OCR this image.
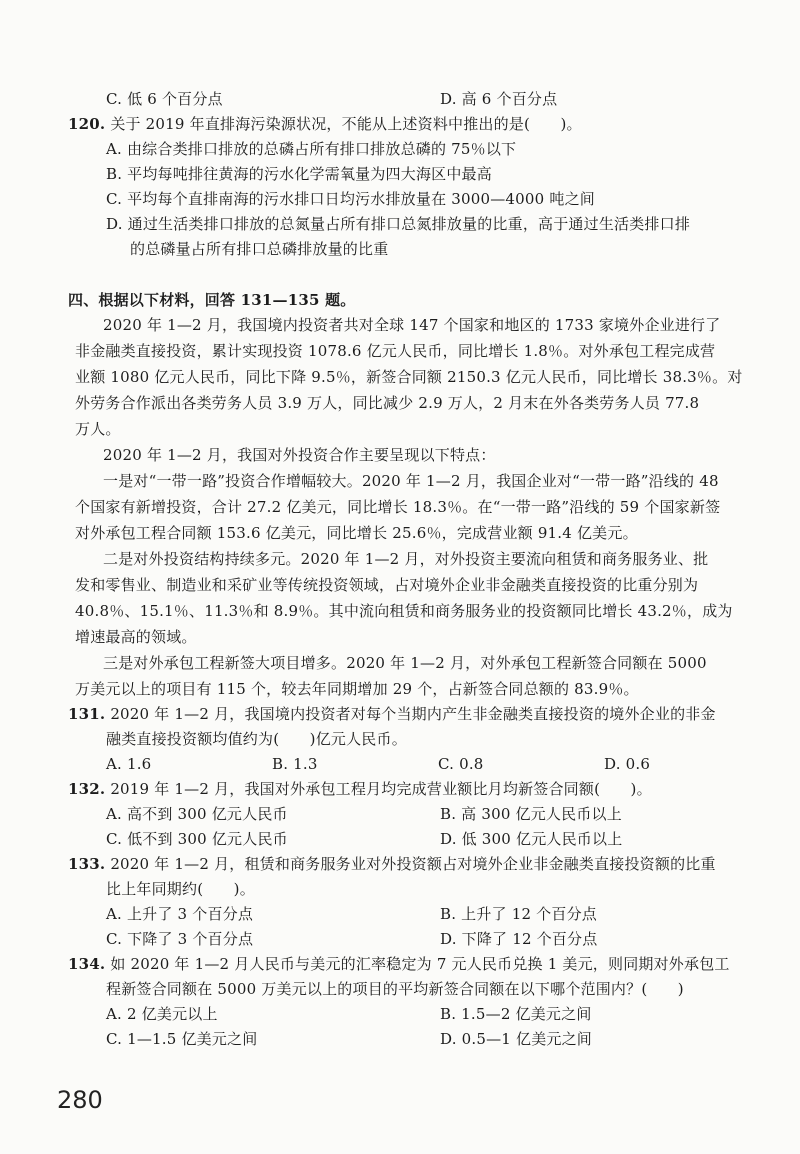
C. 低 6 个百分点	D. 高 6 个百分点
120. 关于 2019 年直排海污染源状况，不能从上述资料中推出的是(　　)。
A. 由综合类排口排放的总磷占所有排口排放总磷的 75％以下
B. 平均每吨排往黄海的污水化学需氧量为四大海区中最高
C. 平均每个直排南海的污水排口日均污水排放量在 3000—4000 吨之间
D. 通过生活类排口排放的总氮量占所有排口总氮排放量的比重，高于通过生活类排口排
的总磷量占所有排口总磷排放量的比重
四、根据以下材料，回答 131—135 题。
2020 年 1—2 月，我国境内投资者共对全球 147 个国家和地区的 1733 家境外企业进行了
非金融类直接投资，累计实现投资 1078.6 亿元人民币，同比增长 1.8％。对外承包工程完成营
业额 1080 亿元人民币，同比下降 9.5％，新签合同额 2150.3 亿元人民币，同比增长 38.3％。对
外劳务合作派出各类劳务人员 3.9 万人，同比减少 2.9 万人，2 月末在外各类劳务人员 77.8
万人。
2020 年 1—2 月，我国对外投资合作主要呈现以下特点：
一是对“一带一路”投资合作增幅较大。2020 年 1—2 月，我国企业对“一带一路”沿线的 48
个国家有新增投资，合计 27.2 亿美元，同比增长 18.3％。在“一带一路”沿线的 59 个国家新签
对外承包工程合同额 153.6 亿美元，同比增长 25.6％，完成营业额 91.4 亿美元。
二是对外投资结构持续多元。2020 年 1—2 月，对外投资主要流向租赁和商务服务业、批
发和零售业、制造业和采矿业等传统投资领域，占对境外企业非金融类直接投资的比重分别为
40.8％、15.1％、11.3％和 8.9％。其中流向租赁和商务服务业的投资额同比增长 43.2％，成为
增速最高的领域。
三是对外承包工程新签大项目增多。2020 年 1—2 月，对外承包工程新签合同额在 5000
万美元以上的项目有 115 个，较去年同期增加 29 个，占新签合同总额的 83.9％。
131. 2020 年 1—2 月，我国境内投资者对每个当期内产生非金融类直接投资的境外企业的非金
融类直接投资额均值约为(　　)亿元人民币。
A. 1.6	B. 1.3	C. 0.8	D. 0.6
132. 2019 年 1—2 月，我国对外承包工程月均完成营业额比月均新签合同额(　　)。
A. 高不到 300 亿元人民币	B. 高 300 亿元人民币以上
C. 低不到 300 亿元人民币	D. 低 300 亿元人民币以上
133. 2020 年 1—2 月，租赁和商务服务业对外投资额占对境外企业非金融类直接投资额的比重
比上年同期约(　　)。
A. 上升了 3 个百分点	B. 上升了 12 个百分点
C. 下降了 3 个百分点	D. 下降了 12 个百分点
134. 如 2020 年 1—2 月人民币与美元的汇率稳定为 7 元人民币兑换 1 美元，则同期对外承包工
程新签合同额在 5000 万美元以上的项目的平均新签合同额在以下哪个范围内？(　　)
A. 2 亿美元以上	B. 1.5—2 亿美元之间
C. 1—1.5 亿美元之间	D. 0.5—1 亿美元之间
280
